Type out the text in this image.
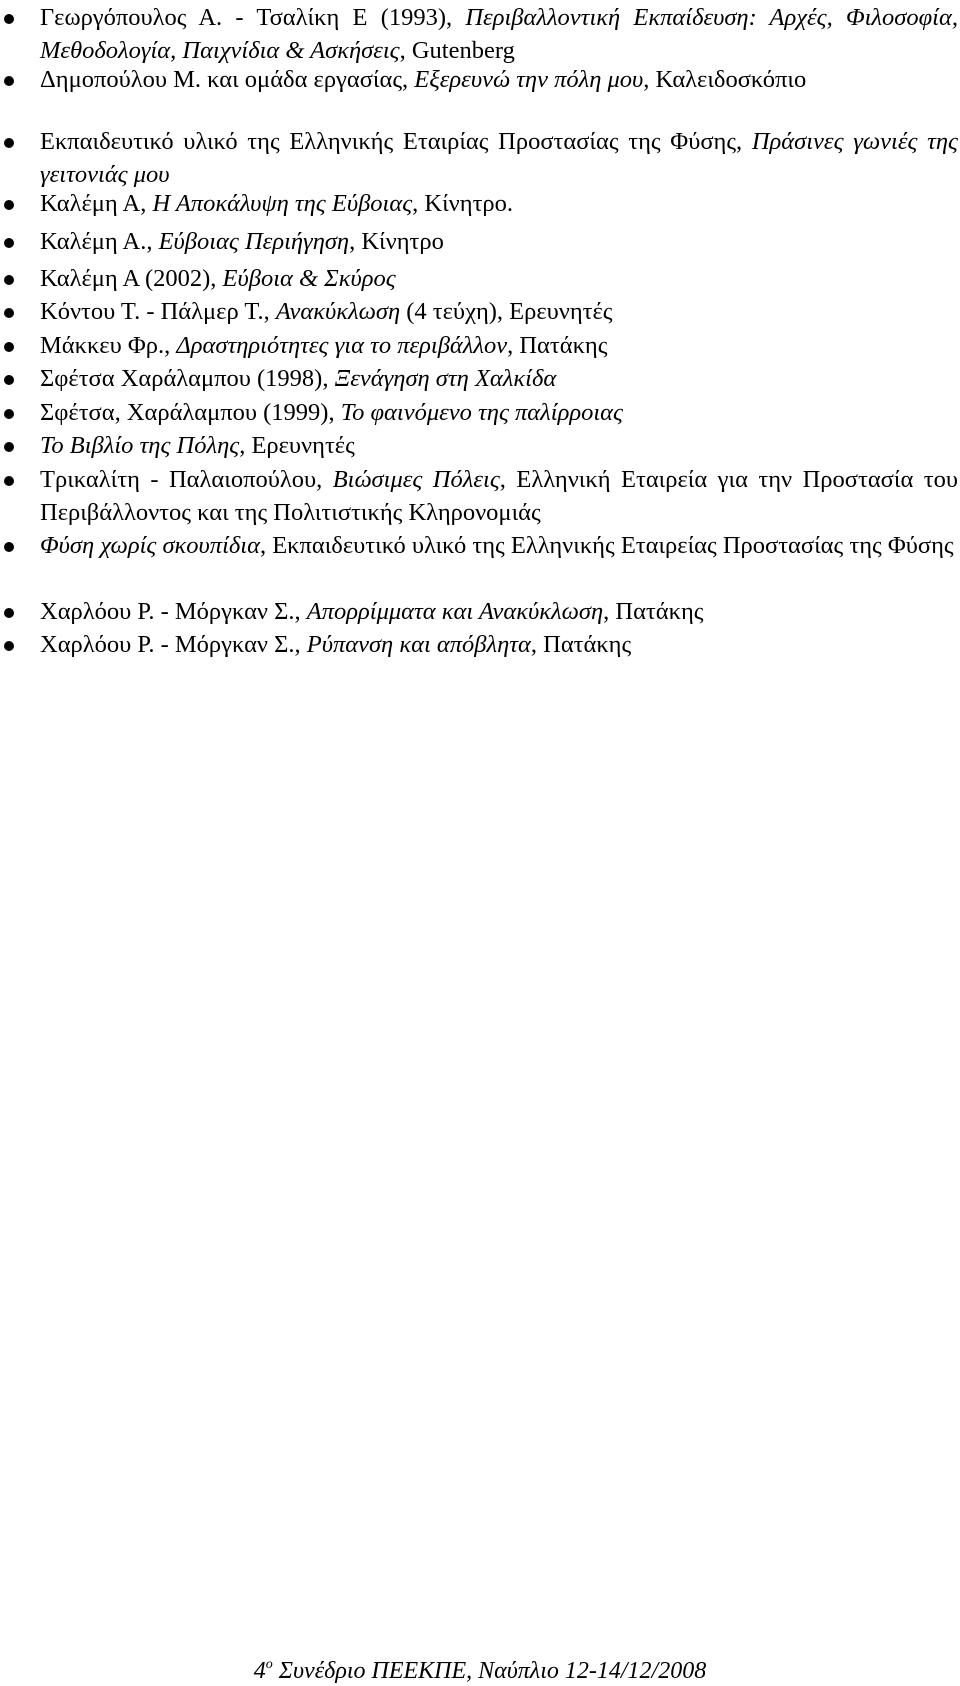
Γεωργόπουλος Α. - Τσαλίκη Ε (1993), Περιβαλλοντική Εκπαίδευση: Αρχές, Φιλοσοφία, Μεθοδολογία, Παιχνίδια & Ασκήσεις, Gutenberg
Δημοπούλου Μ. και ομάδα εργασίας, Εξερευνώ την πόλη μου, Καλειδοσκόπιο
Εκπαιδευτικό υλικό της Ελληνικής Εταιρίας Προστασίας της Φύσης, Πράσινες γωνιές της γειτονιάς μου
Καλέμη Α, Η Αποκάλυψη της Εύβοιας, Κίνητρο.
Καλέμη Α., Εύβοιας Περιήγηση, Κίνητρο
Καλέμη Α (2002), Εύβοια & Σκύρος
Κόντου Τ. - Πάλμερ Τ., Ανακύκλωση (4 τεύχη), Ερευνητές
Μάκκευ Φρ., Δραστηριότητες για το περιβάλλον, Πατάκης
Σφέτσα Χαράλαμπου (1998), Ξενάγηση στη Χαλκίδα
Σφέτσα, Χαράλαμπου (1999), Το φαινόμενο της παλίρροιας
Το Βιβλίο της Πόλης, Ερευνητές
Τρικαλίτη - Παλαιοπούλου, Βιώσιμες Πόλεις, Ελληνική Εταιρεία για την Προστασία του Περιβάλλοντος και της Πολιτιστικής Κληρονομιάς
Φύση χωρίς σκουπίδια, Εκπαιδευτικό υλικό της Ελληνικής Εταιρείας Προστασίας της Φύσης
Χαρλόου Ρ. - Μόργκαν Σ., Απορρίμματα και Ανακύκλωση, Πατάκης
Χαρλόου Ρ. - Μόργκαν Σ., Ρύπανση και απόβλητα, Πατάκης
$4^o$ Συνέδριο ΠΕΕΚΠΕ, Ναύπλιο 12-14/12/2008
